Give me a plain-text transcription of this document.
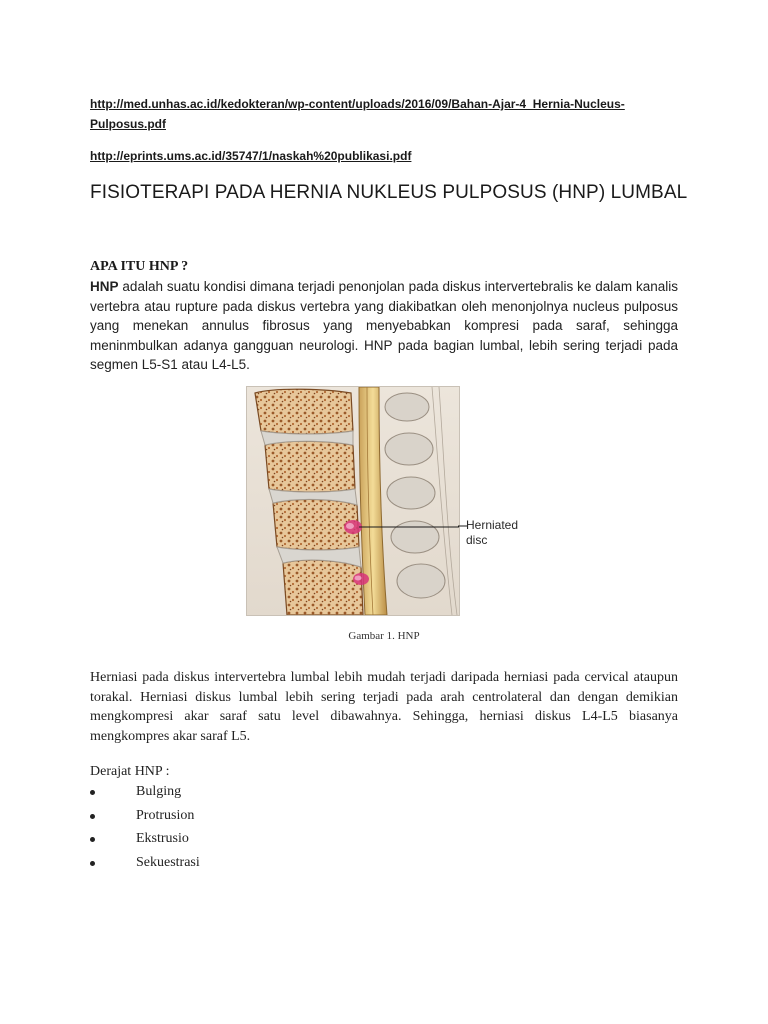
http://med.unhas.ac.id/kedokteran/wp-content/uploads/2016/09/Bahan-Ajar-4_Hernia-Nucleus-Pulposus.pdf
http://eprints.ums.ac.id/35747/1/naskah%20publikasi.pdf
FISIOTERAPI PADA HERNIA NUKLEUS PULPOSUS (HNP) LUMBAL
APA ITU HNP ?
HNP adalah suatu kondisi dimana terjadi penonjolan pada diskus intervertebralis ke dalam kanalis vertebra atau rupture pada diskus vertebra yang diakibatkan oleh menonjolnya nucleus pulposus yang menekan annulus fibrosus yang menyebabkan kompresi pada saraf, sehingga meninmbulkan adanya gangguan neurologi. HNP pada bagian lumbal, lebih sering terjadi pada segmen L5-S1 atau L4-L5.
Herniated disc
Gambar 1. HNP
Herniasi pada diskus intervertebra lumbal lebih mudah terjadi daripada herniasi pada cervical ataupun torakal. Herniasi diskus lumbal lebih sering terjadi pada arah centrolateral dan dengan demikian mengkompresi akar saraf satu level dibawahnya. Sehingga, herniasi diskus L4-L5 biasanya mengkompres akar saraf L5.
Derajat HNP :
Bulging
Protrusion
Ekstrusio
Sekuestrasi
